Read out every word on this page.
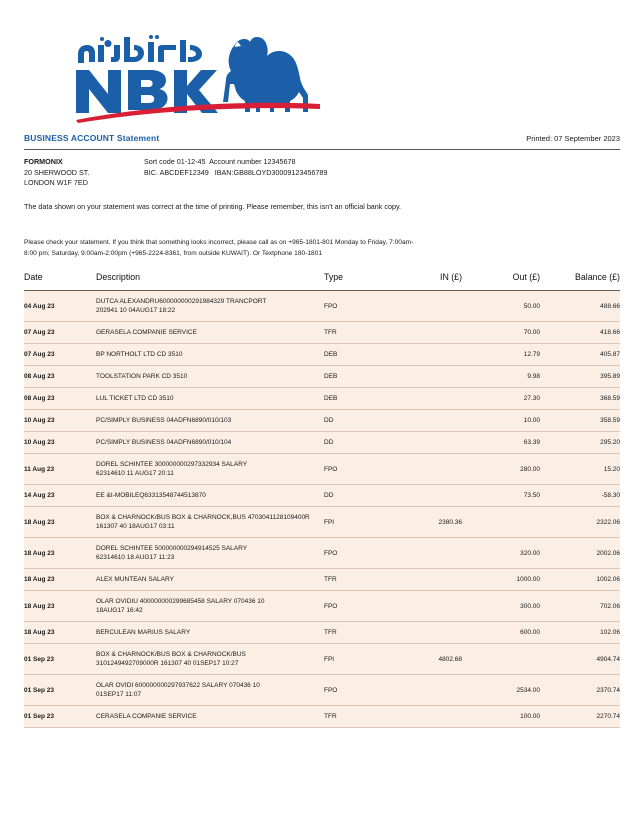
BUSINESS ACCOUNT Statement	Printed: 07 September 2023
FORMONIX
20 SHERWOOD ST.
LONDON W1F 7ED
Sort code 01-12-45  Account number 12345678
BIC. ABCDEF12349   IBAN:GB88LOYD30009123456789
The data shown on your statement was correct at the time of printing. Please remember, this isn't an official bank copy.
Please check your statement. If you think that something looks incorrect, please call as on +965-1801-801 Monday to Friday, 7:00am-
8:00 pm; Saturday, 9:00am-2:00pm (+965-2224-8361, from outside KUWAIT). Or Textphone 180-1801
Date	Description	Type	IN (£)	Out (£)	Balance (£)
04 Aug 23	DUTCA ALEXANDRU600000000291984329 TRANCPORT
202941 10 04AUG17 18:22	FPO		50.00	488.66
07 Aug 23	GERASELA COMPANIE SERVICE	TFR		70.00	418.66
07 Aug 23	BP NORTHOLT LTD CD 3510	DEB		12.79	405.87
08 Aug 23	TOOLSTATION PARK CD 3510	DEB		9.98	395.89
08 Aug 23	LUL TICKET LTD CD 3510	DEB		27.30	368.59
10 Aug 23	PC/SIMPLY BUSINESS 04ADFN6890/010/103	DD		10.00	358.59
10 Aug 23	PC/SIMPLY BUSINESS 04ADFN6890/010/104	DD		63.39	295.20
11 Aug 23	DOREL SCHINTEE 300000000297332934 SALARY
62314610 11 AUG17 20:11	FPO		280.00	15.20
14 Aug 23	EE &t-MOBILEQ63313548744513870	DD		73.50	-58.30
18 Aug 23	BOX & CHARNOCK/BUS BOX & CHARNOCK,BUS 4703041128109400R
161307 40 18AUG17 03:11	FPI	2380.36		2322.06
18 Aug 23	DOREL SCHINTEE 500000000294914525 SALARY
62314610 18 AUG17 11:23	FPO		320.00	2002.06
18 Aug 23	ALEX MUNTEAN SALARY	TFR		1000.00	1002.06
18 Aug 23	OLAR OVIDIU 400000000299685458 SALARY 070436 10
18AUG17 16:42	FPO		300.00	702.06
18 Aug 23	BERCULEAN MARIUS SALARY	TFR		600.00	102.06
01 Sep 23	BOX & CHARNOCK/BUS BOX & CHARNOCK/BUS
3101249492709000R 161307 40 01SEP17 10:27	FPI	4802.68		4904.74
01 Sep 23	OLAR OVIDI 600000000297937622 SALARY 070436 10
01SEP17 11:07	FPO		2534.00	2370.74
01 Sep 23	CERASELA COMPANIE SERVICE	TFR		100.00	2270.74
